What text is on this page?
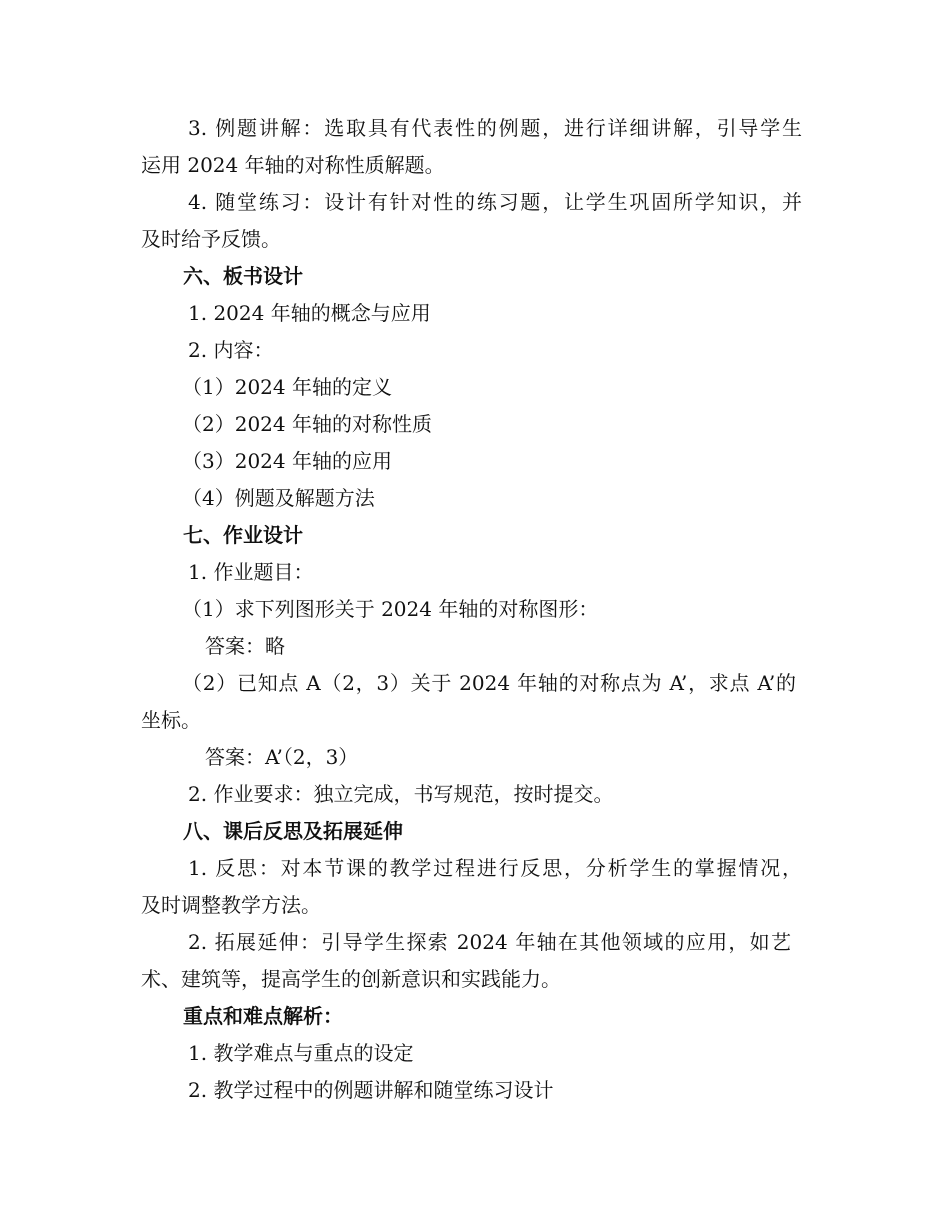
3. 例题讲解：选取具有代表性的例题，进行详细讲解，引导学生
运用 2024 年轴的对称性质解题。
4. 随堂练习：设计有针对性的练习题，让学生巩固所学知识，并
及时给予反馈。
六、板书设计
1. 2024 年轴的概念与应用
2. 内容：
（1）2024 年轴的定义
（2）2024 年轴的对称性质
（3）2024 年轴的应用
（4）例题及解题方法
七、作业设计
1. 作业题目：
（1）求下列图形关于 2024 年轴的对称图形：
答案：略
（2）已知点 A（2，3）关于 2024 年轴的对称点为 A’，求点 A’的
坐标。
答案：A’（2，3）
2. 作业要求：独立完成，书写规范，按时提交。
八、课后反思及拓展延伸
1. 反思：对本节课的教学过程进行反思，分析学生的掌握情况，
及时调整教学方法。
2. 拓展延伸：引导学生探索 2024 年轴在其他领域的应用，如艺
术、建筑等，提高学生的创新意识和实践能力。
重点和难点解析：
1. 教学难点与重点的设定
2. 教学过程中的例题讲解和随堂练习设计
